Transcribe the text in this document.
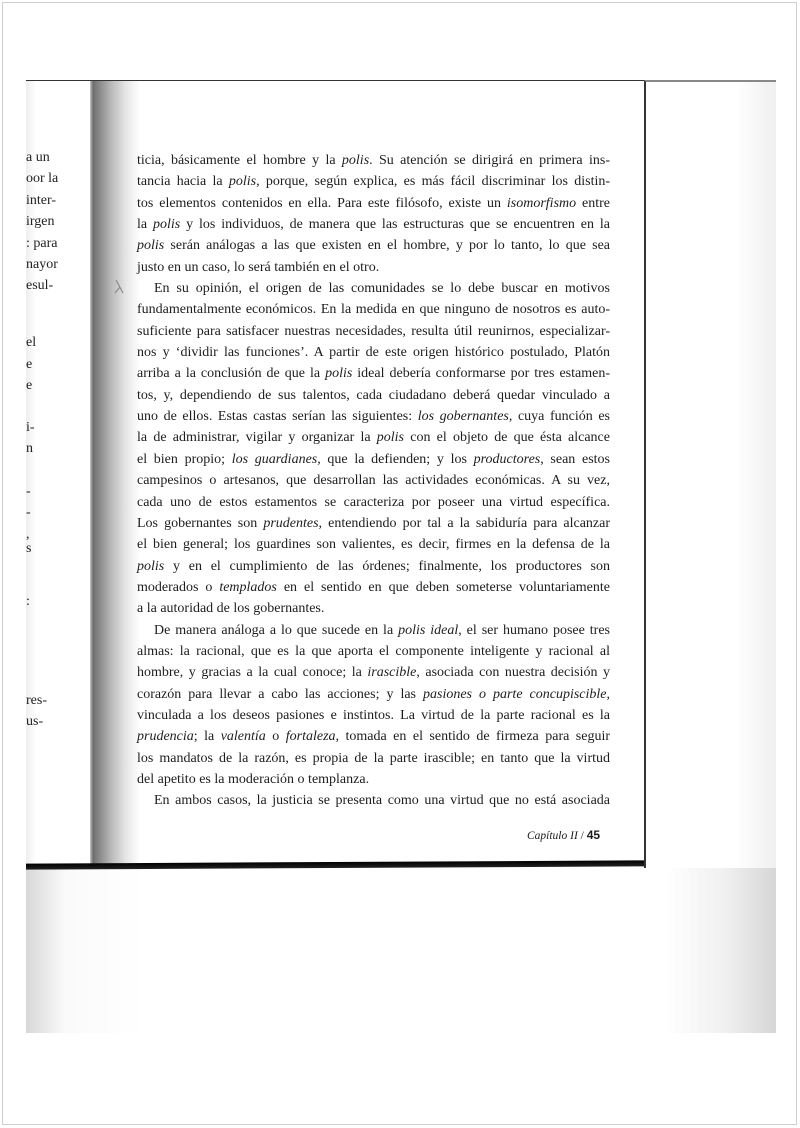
a un
oor la
inter-
irgen
: para
nayor
esul-
el
e
e
i-
n
-
-
,
s
:
res-
us-
ticia, básicamente el hombre y la polis. Su atención se dirigirá en primera ins-
tancia hacia la polis, porque, según explica, es más fácil discriminar los distin-
tos elementos contenidos en ella. Para este filósofo, existe un isomorfismo entre
la polis y los individuos, de manera que las estructuras que se encuentren en la
polis serán análogas a las que existen en el hombre, y por lo tanto, lo que sea
justo en un caso, lo será también en el otro.
En su opinión, el origen de las comunidades se lo debe buscar en motivos
fundamentalmente económicos. En la medida en que ninguno de nosotros es auto-
suficiente para satisfacer nuestras necesidades, resulta útil reunirnos, especializar-
nos y ‘dividir las funciones’. A partir de este origen histórico postulado, Platón
arriba a la conclusión de que la polis ideal debería conformarse por tres estamen-
tos, y, dependiendo de sus talentos, cada ciudadano deberá quedar vinculado a
uno de ellos. Estas castas serían las siguientes: los gobernantes, cuya función es
la de administrar, vigilar y organizar la polis con el objeto de que ésta alcance
el bien propio; los guardianes, que la defienden; y los productores, sean estos
campesinos o artesanos, que desarrollan las actividades económicas. A su vez,
cada uno de estos estamentos se caracteriza por poseer una virtud específica.
Los gobernantes son prudentes, entendiendo por tal a la sabiduría para alcanzar
el bien general; los guardines son valientes, es decir, firmes en la defensa de la
polis y en el cumplimiento de las órdenes; finalmente, los productores son
moderados o templados en el sentido en que deben someterse voluntariamente
a la autoridad de los gobernantes.
De manera análoga a lo que sucede en la polis ideal, el ser humano posee tres
almas: la racional, que es la que aporta el componente inteligente y racional al
hombre, y gracias a la cual conoce; la irascible, asociada con nuestra decisión y
corazón para llevar a cabo las acciones; y las pasiones o parte concupiscible,
vinculada a los deseos pasiones e instintos. La virtud de la parte racional es la
prudencia; la valentía o fortaleza, tomada en el sentido de firmeza para seguir
los mandatos de la razón, es propia de la parte irascible; en tanto que la virtud
del apetito es la moderación o templanza.
En ambos casos, la justicia se presenta como una virtud que no está asociada
Capítulo II / 45
